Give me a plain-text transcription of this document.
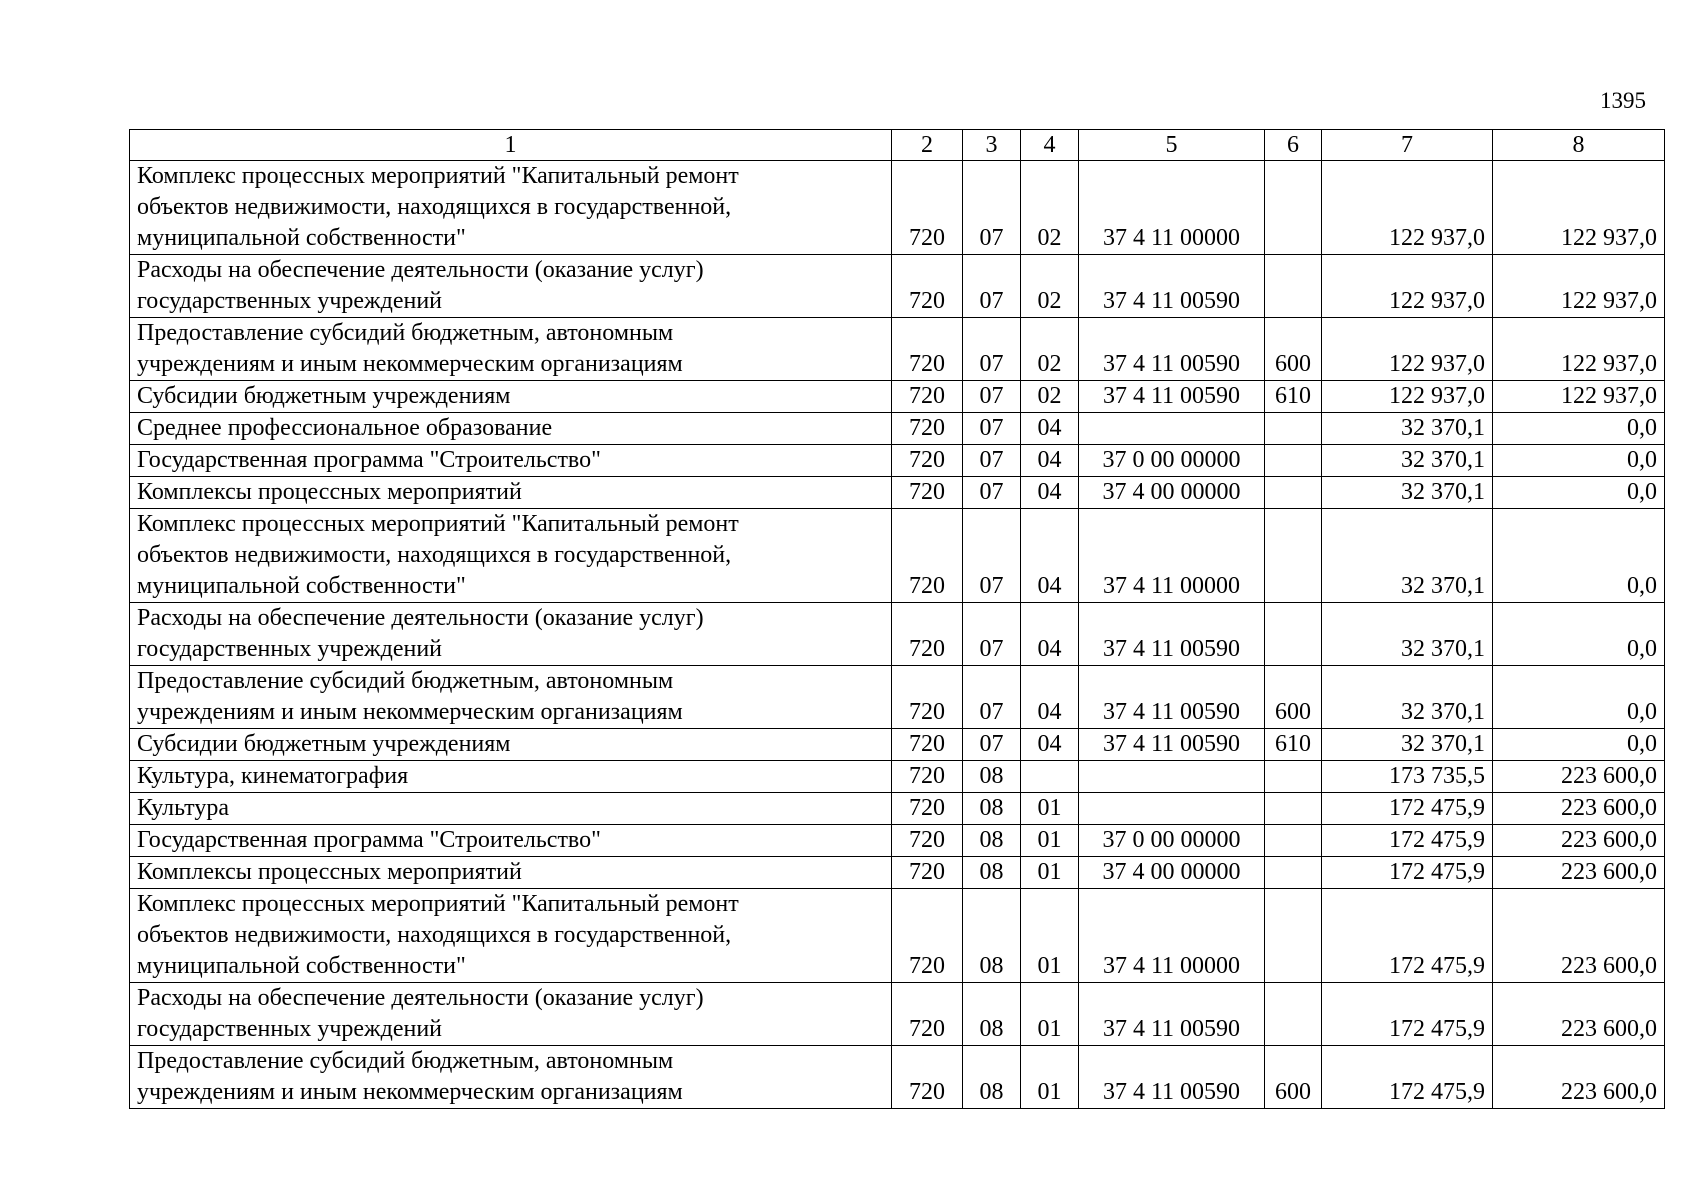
1395
1	2	3	4	5	6	7	8

Комплекс процессных мероприятий "Капитальный ремонт
объектов недвижимости, находящихся в государственной,
муниципальной собственности"	720	07	02	37 4 11 00000		122 937,0	122 937,0

Расходы на обеспечение деятельности (оказание услуг)
государственных учреждений	720	07	02	37 4 11 00590		122 937,0	122 937,0

Предоставление субсидий бюджетным, автономным
учреждениям и иным некоммерческим организациям	720	07	02	37 4 11 00590	600	122 937,0	122 937,0

Субсидии бюджетным учреждениям	720	07	02	37 4 11 00590	610	122 937,0	122 937,0

Среднее профессиональное образование	720	07	04			32 370,1	0,0

Государственная программа "Строительство"	720	07	04	37 0 00 00000		32 370,1	0,0

Комплексы процессных мероприятий	720	07	04	37 4 00 00000		32 370,1	0,0

Комплекс процессных мероприятий "Капитальный ремонт
объектов недвижимости, находящихся в государственной,
муниципальной собственности"	720	07	04	37 4 11 00000		32 370,1	0,0

Расходы на обеспечение деятельности (оказание услуг)
государственных учреждений	720	07	04	37 4 11 00590		32 370,1	0,0

Предоставление субсидий бюджетным, автономным
учреждениям и иным некоммерческим организациям	720	07	04	37 4 11 00590	600	32 370,1	0,0

Субсидии бюджетным учреждениям	720	07	04	37 4 11 00590	610	32 370,1	0,0

Культура, кинематография	720	08				173 735,5	223 600,0

Культура	720	08	01			172 475,9	223 600,0

Государственная программа "Строительство"	720	08	01	37 0 00 00000		172 475,9	223 600,0

Комплексы процессных мероприятий	720	08	01	37 4 00 00000		172 475,9	223 600,0

Комплекс процессных мероприятий "Капитальный ремонт
объектов недвижимости, находящихся в государственной,
муниципальной собственности"	720	08	01	37 4 11 00000		172 475,9	223 600,0

Расходы на обеспечение деятельности (оказание услуг)
государственных учреждений	720	08	01	37 4 11 00590		172 475,9	223 600,0

Предоставление субсидий бюджетным, автономным
учреждениям и иным некоммерческим организациям	720	08	01	37 4 11 00590	600	172 475,9	223 600,0
